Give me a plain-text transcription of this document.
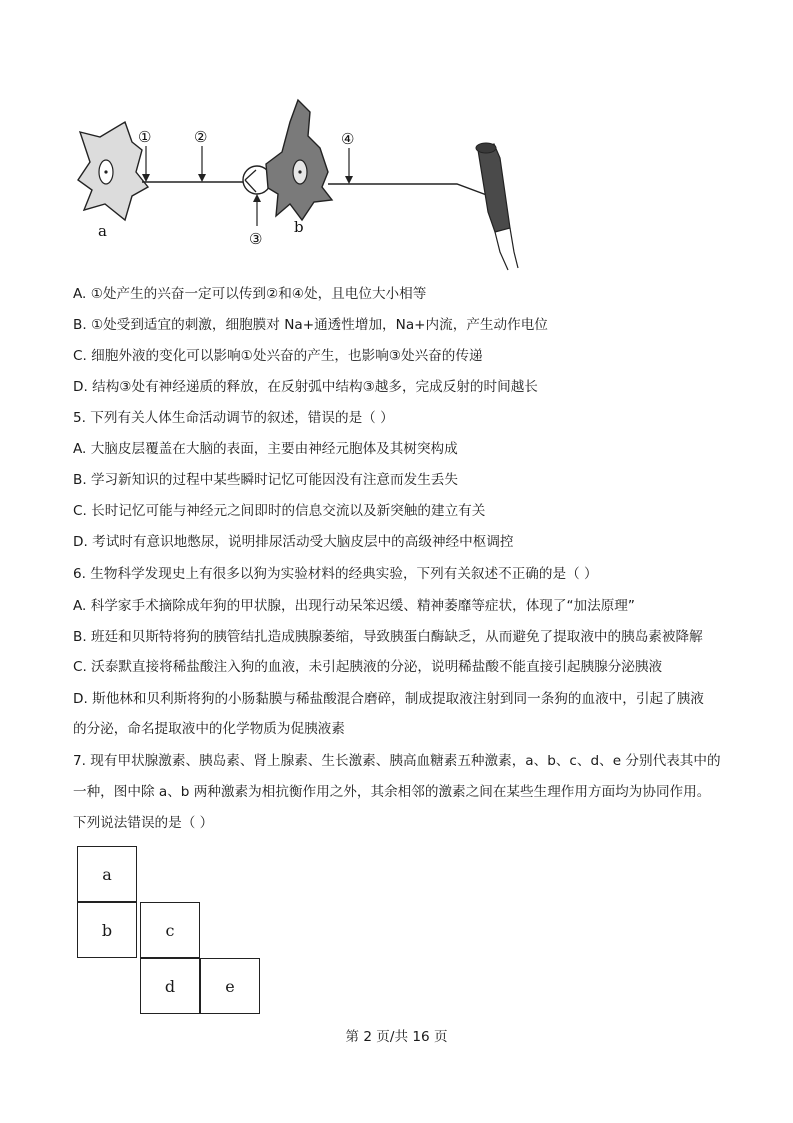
①	②
③
④
a	b
A. ①处产生的兴奋一定可以传到②和④处，且电位大小相等
B. ①处受到适宜的刺激，细胞膜对 Na+通透性增加，Na+内流，产生动作电位
C. 细胞外液的变化可以影响①处兴奋的产生，也影响③处兴奋的传递
D. 结构③处有神经递质的释放，在反射弧中结构③越多，完成反射的时间越长
5. 下列有关人体生命活动调节的叙述，错误的是（ ）
A. 大脑皮层覆盖在大脑的表面，主要由神经元胞体及其树突构成
B. 学习新知识的过程中某些瞬时记忆可能因没有注意而发生丢失
C. 长时记忆可能与神经元之间即时的信息交流以及新突触的建立有关
D. 考试时有意识地憋尿，说明排尿活动受大脑皮层中的高级神经中枢调控
6. 生物科学发现史上有很多以狗为实验材料的经典实验，下列有关叙述不正确的是（ ）
A. 科学家手术摘除成年狗的甲状腺，出现行动呆笨迟缓、精神萎靡等症状，体现了“加法原理”
B. 班廷和贝斯特将狗的胰管结扎造成胰腺萎缩，导致胰蛋白酶缺乏，从而避免了提取液中的胰岛素被降解
C. 沃泰默直接将稀盐酸注入狗的血液，未引起胰液的分泌，说明稀盐酸不能直接引起胰腺分泌胰液
D. 斯他林和贝利斯将狗的小肠黏膜与稀盐酸混合磨碎，制成提取液注射到同一条狗的血液中，引起了胰液
的分泌，命名提取液中的化学物质为促胰液素
7. 现有甲状腺激素、胰岛素、肾上腺素、生长激素、胰高血糖素五种激素，a、b、c、d、e 分别代表其中的
一种，图中除 a、b 两种激素为相抗衡作用之外，其余相邻的激素之间在某些生理作用方面均为协同作用。
下列说法错误的是（ ）
a
b	c
d	e
第 2 页/共 16 页
